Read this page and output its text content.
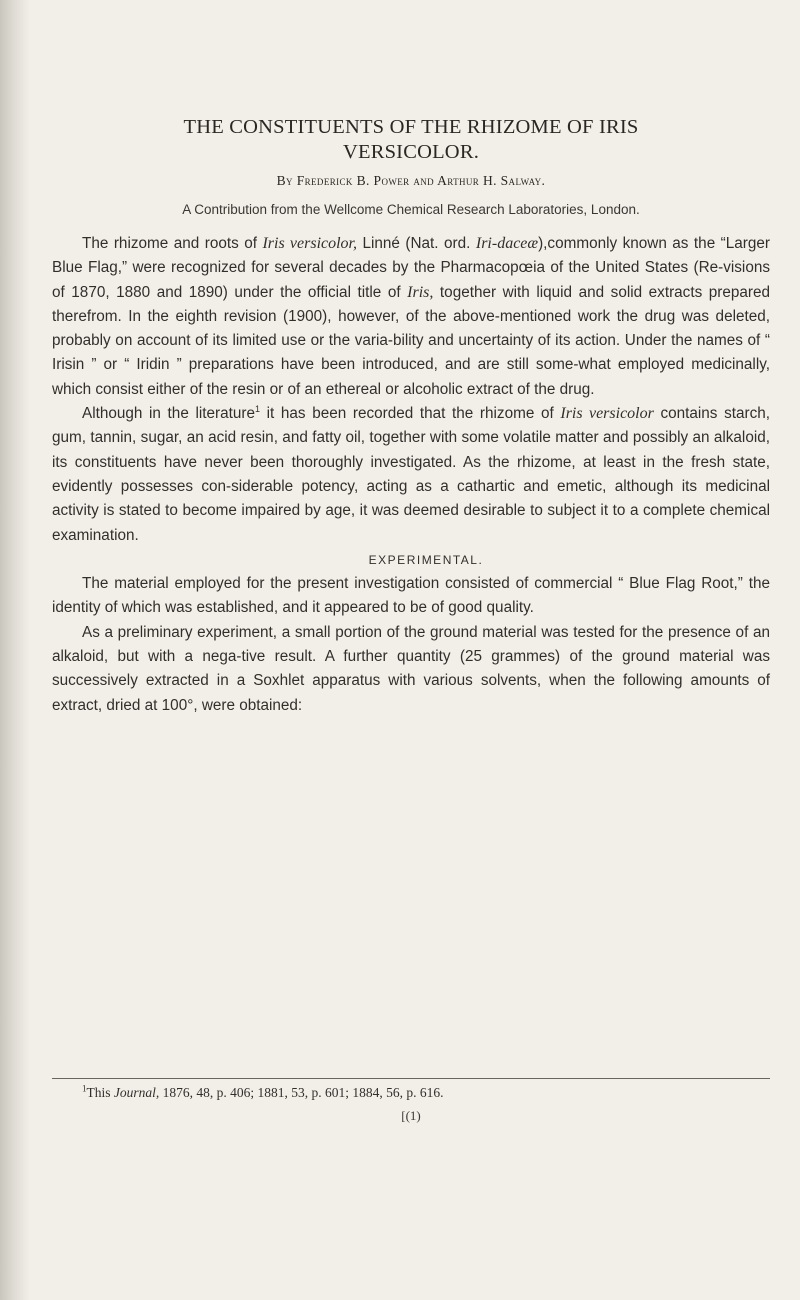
THE CONSTITUENTS OF THE RHIZOME OF IRIS
VERSICOLOR.
By Frederick B. Power and Arthur H. Salway.
A Contribution from the Wellcome Chemical Research Laboratories, London.

The rhizome and roots of Iris versicolor, Linné (Nat. ord. Iri-daceæ),commonly known as the “Larger Blue Flag,” were recognized for several decades by the Pharmacopœia of the United States (Re-visions of 1870, 1880 and 1890) under the official title of Iris, together with liquid and solid extracts prepared therefrom. In the eighth revision (1900), however, of the above-mentioned work the drug was deleted, probably on account of its limited use or the varia-bility and uncertainty of its action. Under the names of “ Irisin ” or “ Iridin ” preparations have been introduced, and are still some-what employed medicinally, which consist either of the resin or of an ethereal or alcoholic extract of the drug.

Although in the literature$^1$ it has been recorded that the rhizome of Iris versicolor contains starch, gum, tannin, sugar, an acid resin, and fatty oil, together with some volatile matter and possibly an alkaloid, its constituents have never been thoroughly investigated. As the rhizome, at least in the fresh state, evidently possesses con-siderable potency, acting as a cathartic and emetic, although its medicinal activity is stated to become impaired by age, it was deemed desirable to subject it to a complete chemical examination.

EXPERIMENTAL.

The material employed for the present investigation consisted of commercial “ Blue Flag Root,” the identity of which was established, and it appeared to be of good quality.

As a preliminary experiment, a small portion of the ground material was tested for the presence of an alkaloid, but with a nega-tive result. A further quantity (25 grammes) of the ground material was successively extracted in a Soxhlet apparatus with various solvents, when the following amounts of extract, dried at 100°, were obtained:

$^1$This Journal, 1876, 48, p. 406; 1881, 53, p. 601; 1884, 56, p. 616.
[(1)
